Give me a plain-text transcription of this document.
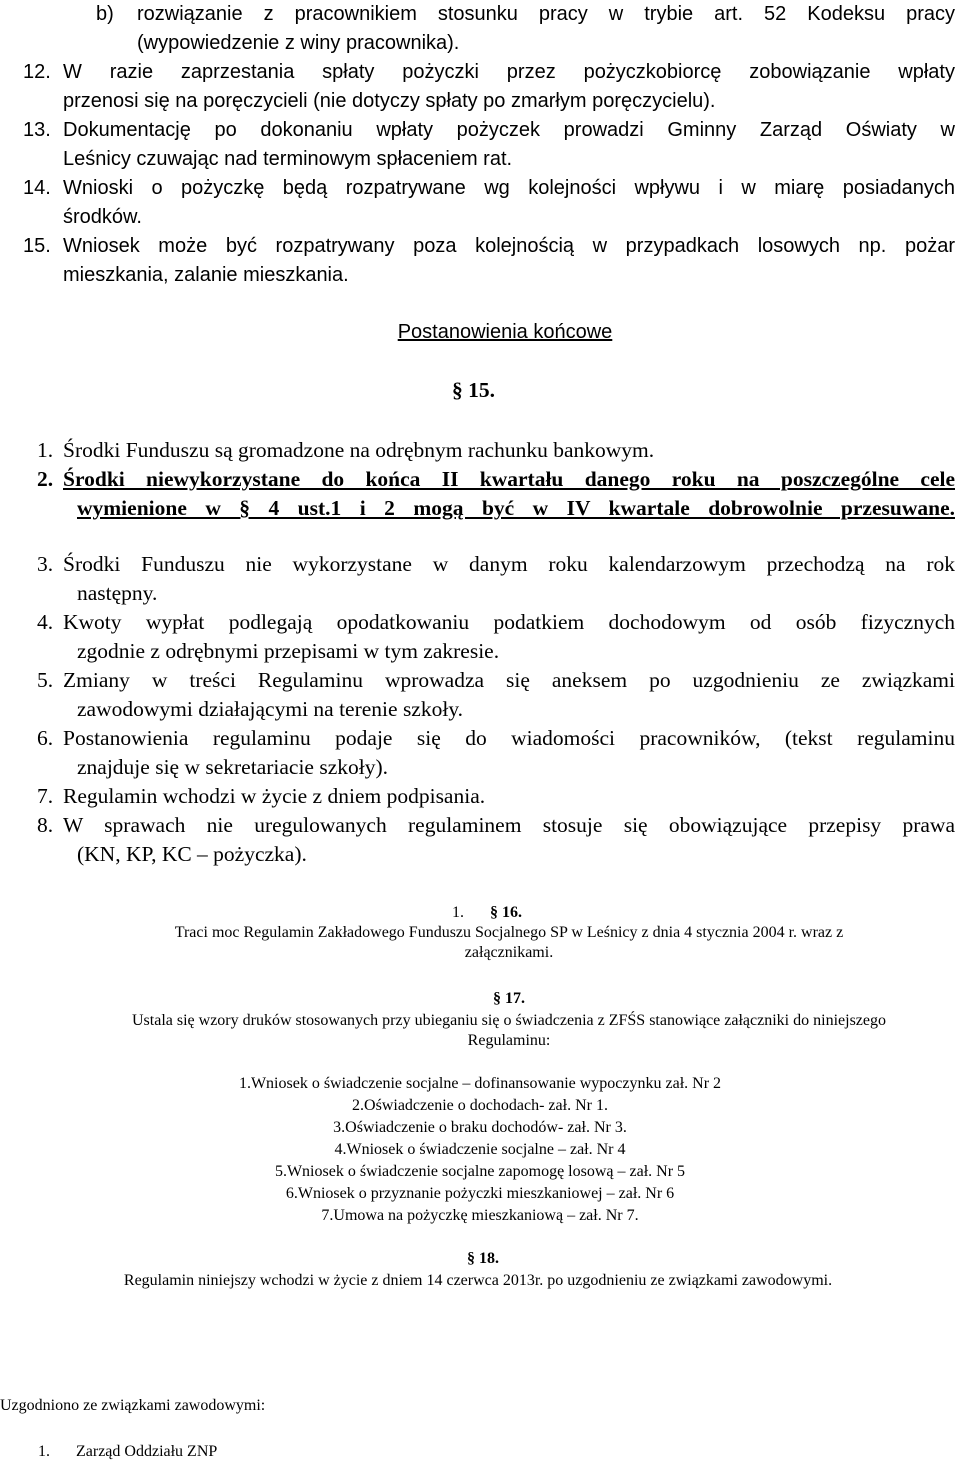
b) rozwiązanie z pracownikiem stosunku pracy w trybie art. 52 Kodeksu pracy
(wypowiedzenie z winy pracownika).
12. W razie zaprzestania spłaty pożyczki przez pożyczkobiorcę zobowiązanie wpłaty
przenosi się na poręczycieli (nie dotyczy spłaty po zmarłym poręczycielu).
13. Dokumentację po dokonaniu wpłaty pożyczek prowadzi Gminny Zarząd Oświaty w
Leśnicy czuwając nad terminowym spłaceniem rat.
14. Wnioski o pożyczkę będą rozpatrywane wg kolejności wpływu i w miarę posiadanych
środków.
15. Wniosek może być rozpatrywany poza kolejnością w przypadkach losowych np. pożar
mieszkania, zalanie mieszkania.
Postanowienia końcowe
§ 15.
1. Środki Funduszu są gromadzone na odrębnym rachunku bankowym.
2. Środki niewykorzystane do końca II kwartału danego roku na poszczególne cele
wymienione w § 4 ust.1 i 2 mogą być w IV kwartale dobrowolnie przesuwane.
3. Środki Funduszu nie wykorzystane w danym roku kalendarzowym przechodzą na rok
następny.
4. Kwoty wypłat podlegają opodatkowaniu podatkiem dochodowym od osób fizycznych
zgodnie z odrębnymi przepisami w tym zakresie.
5. Zmiany w treści Regulaminu wprowadza się aneksem po uzgodnieniu ze związkami
zawodowymi działającymi na terenie szkoły.
6. Postanowienia regulaminu podaje się do wiadomości pracowników, (tekst regulaminu
znajduje się w sekretariacie szkoły).
7. Regulamin wchodzi w życie z dniem podpisania.
8. W sprawach nie uregulowanych regulaminem stosuje się obowiązujące przepisy prawa
(KN, KP, KC – pożyczka).
1. § 16.
Traci moc Regulamin Zakładowego Funduszu Socjalnego SP w Leśnicy z dnia 4 stycznia 2004 r. wraz z
załącznikami.
§ 17.
Ustala się wzory druków stosowanych przy ubieganiu się o świadczenia z ZFŚS stanowiące załączniki do niniejszego
Regulaminu:
1.Wniosek o świadczenie socjalne – dofinansowanie wypoczynku zał. Nr 2
2.Oświadczenie o dochodach- zał. Nr 1.
3.Oświadczenie o braku dochodów- zał. Nr 3.
4.Wniosek o świadczenie socjalne – zał. Nr 4
5.Wniosek o świadczenie socjalne zapomogę losową – zał. Nr 5
6.Wniosek o przyznanie pożyczki mieszkaniowej – zał. Nr 6
7.Umowa na pożyczkę mieszkaniową – zał. Nr 7.
§ 18.
Regulamin niniejszy wchodzi w życie z dniem 14 czerwca 2013r. po uzgodnieniu ze związkami zawodowymi.
Uzgodniono ze związkami zawodowymi:
1. Zarząd Oddziału ZNP
